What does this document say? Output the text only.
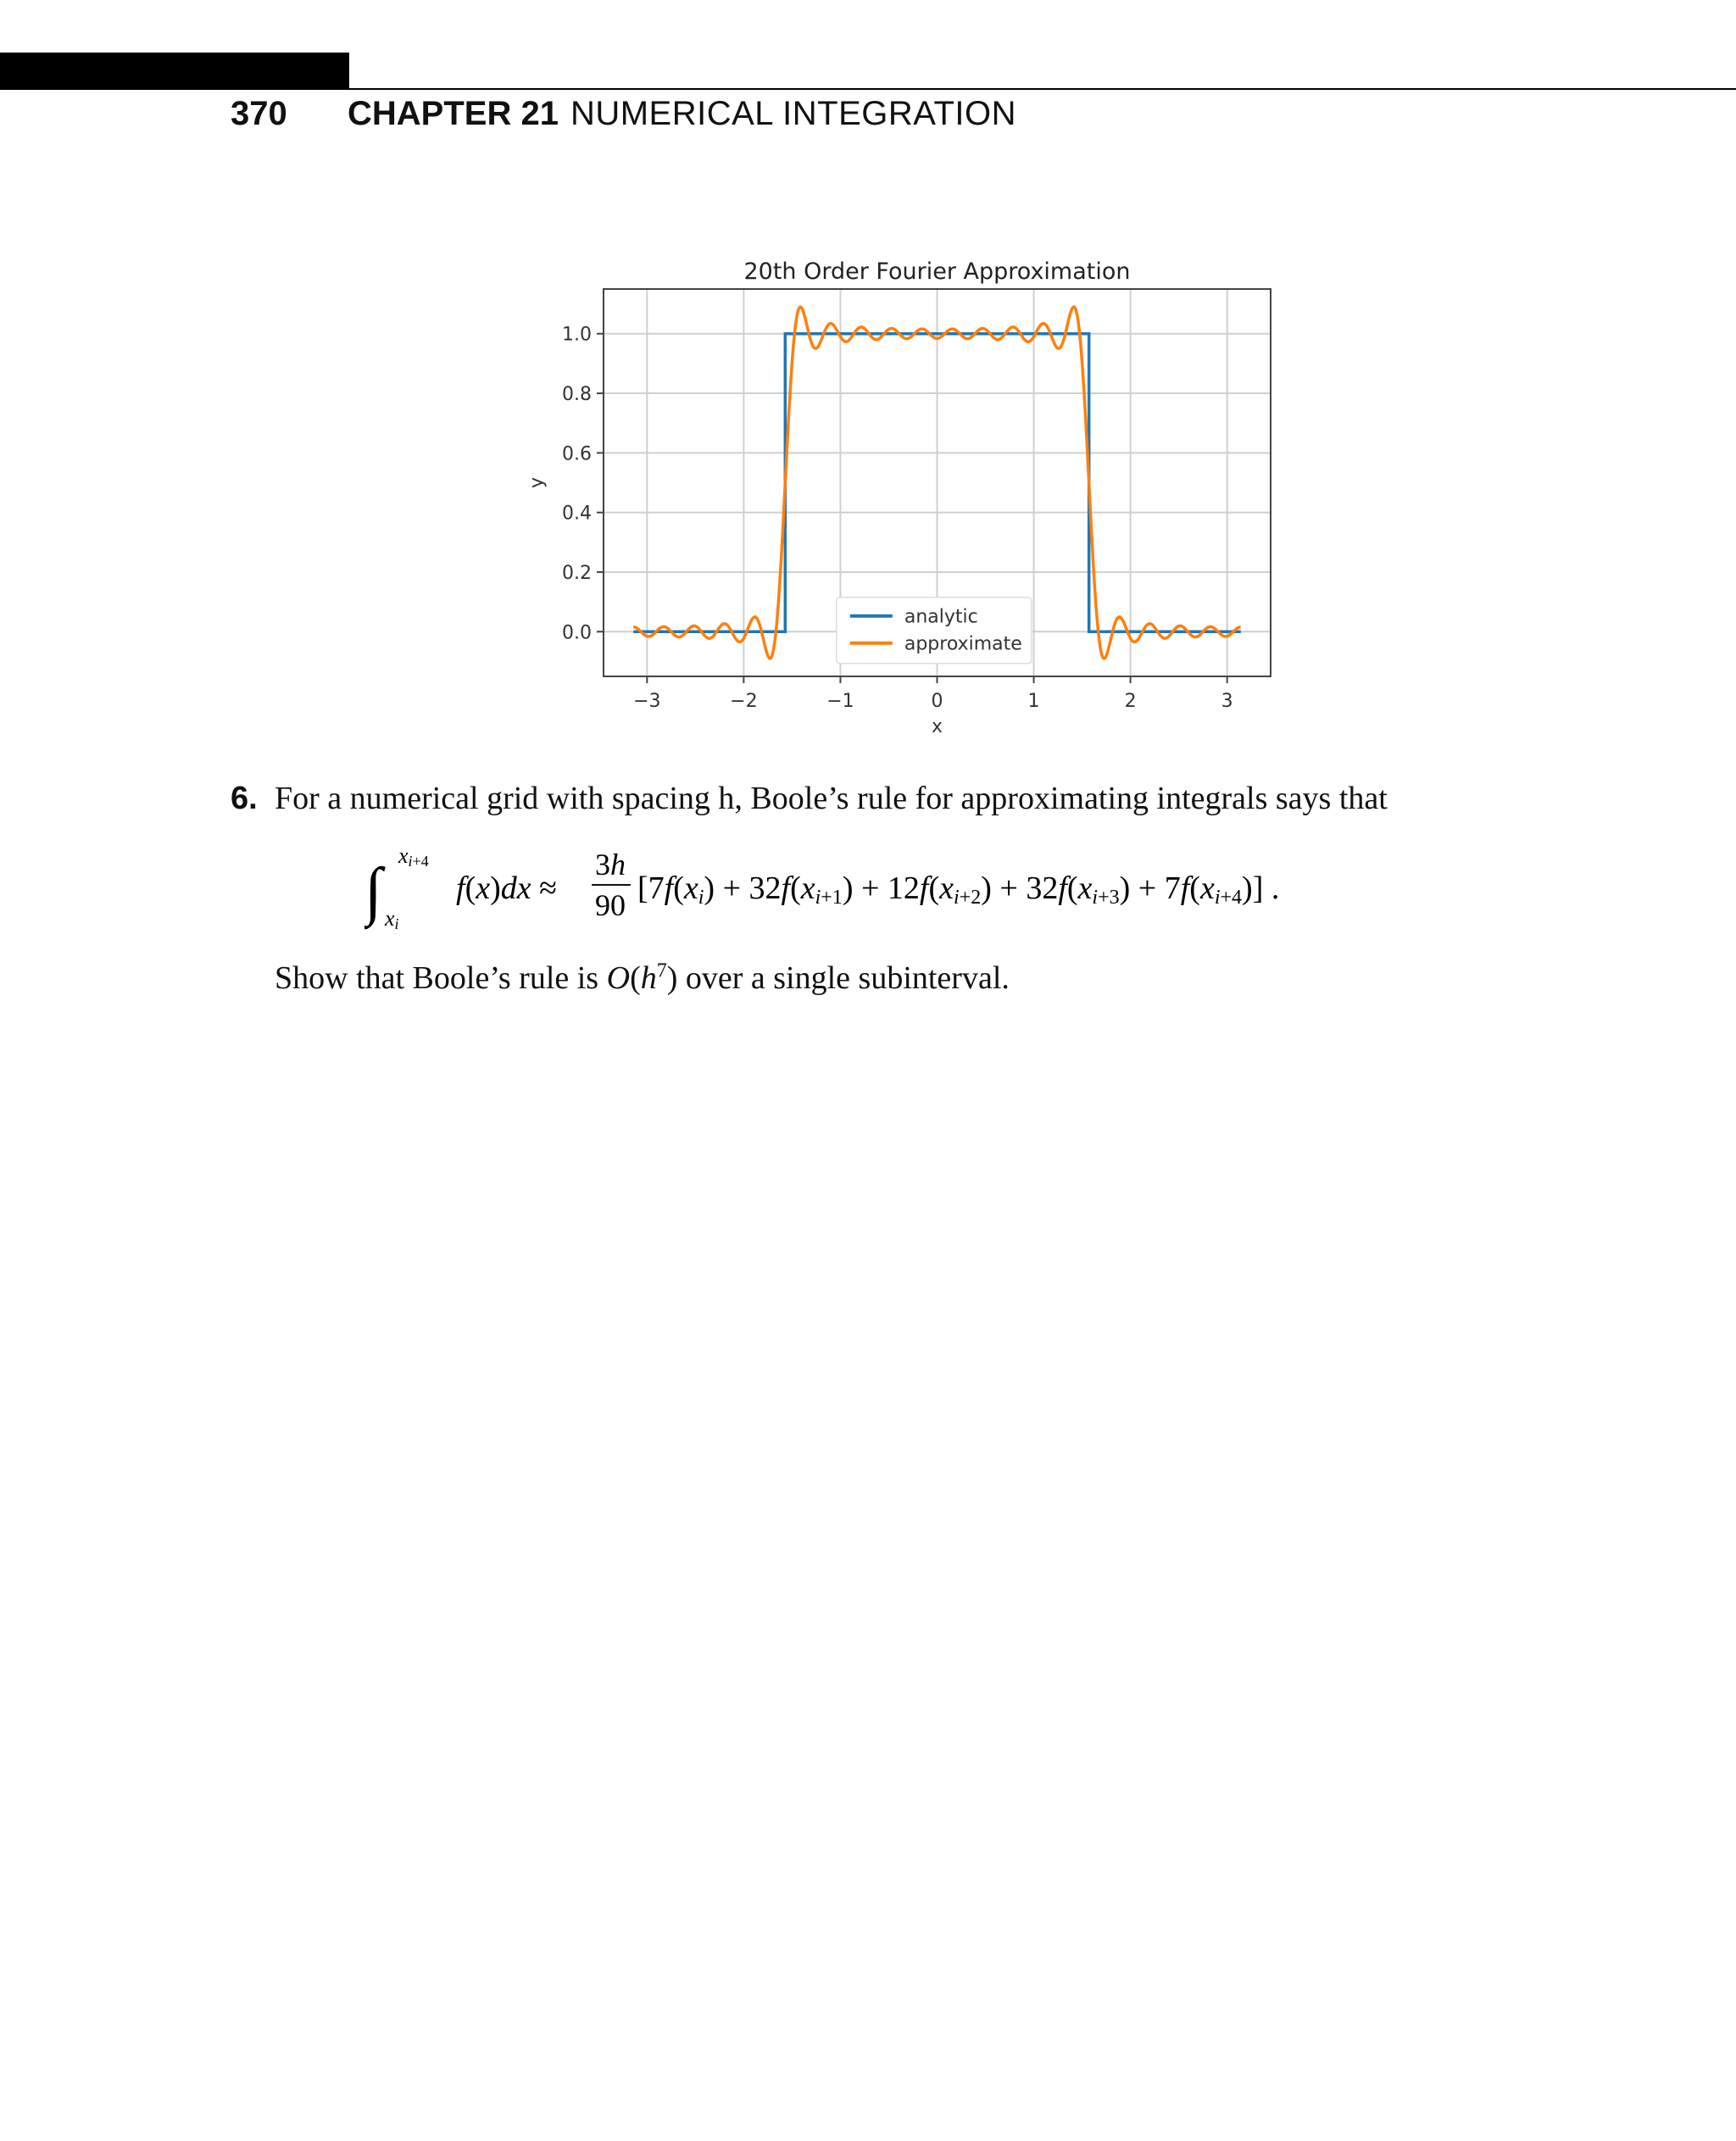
370	CHAPTER 21 NUMERICAL INTEGRATION
−3	−2	−1	0	1	2	3
0.0
0.2
0.4
0.6
0.8
1.0
20th Order Fourier Approximation
x
y
analytic
approximate
6. For a numerical grid with spacing h, Boole’s rule for approximating integrals says that
∫ xi+4
xi
f(x)dx ≈
3h
90 [7f(xi) + 32f(xi+1) + 12f(xi+2) + 32f(xi+3) + 7f(xi+4)] .
Show that Boole’s rule is $O(h^7)$ over a single subinterval.
